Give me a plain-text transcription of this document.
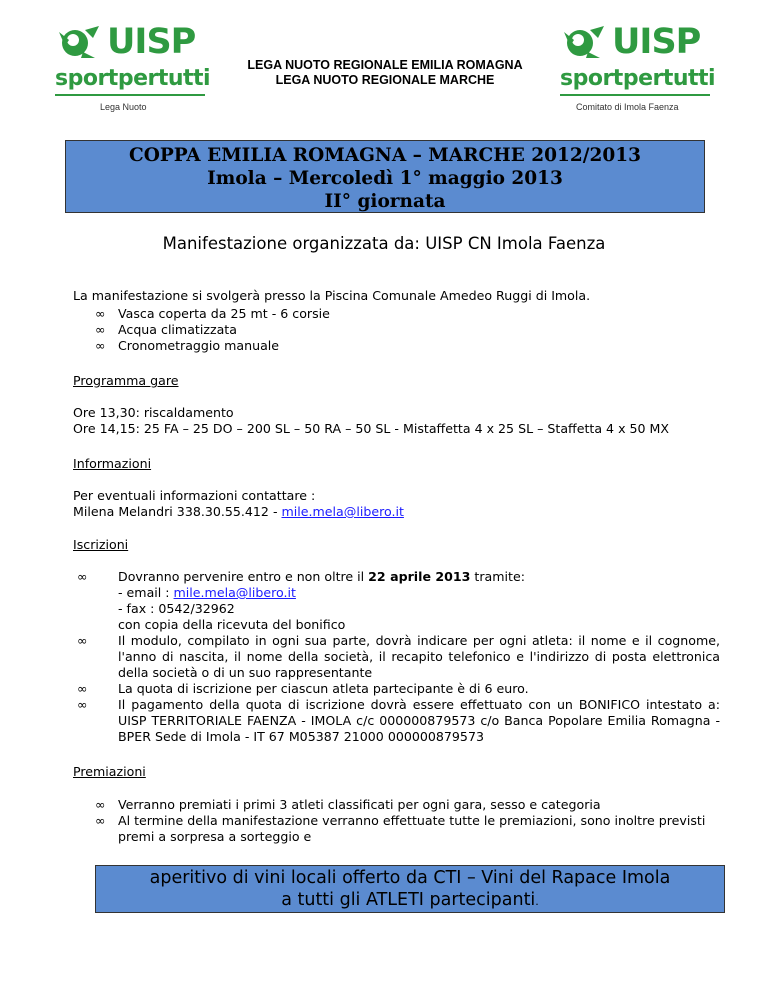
UISP
sportpertutti
Lega Nuoto
UISP
sportpertutti
Comitato di Imola Faenza
LEGA NUOTO REGIONALE EMILIA ROMAGNA
LEGA NUOTO REGIONALE MARCHE
COPPA EMILIA ROMAGNA – MARCHE 2012/2013
Imola – Mercoledì 1° maggio 2013
II° giornata
Manifestazione organizzata da: UISP CN Imola Faenza
La manifestazione si svolgerà presso la Piscina Comunale Amedeo Ruggi di Imola.
∞ Vasca coperta da 25 mt - 6 corsie
∞ Acqua climatizzata
∞ Cronometraggio manuale
Programma gare
Ore 13,30: riscaldamento
Ore 14,15: 25 FA – 25 DO – 200 SL – 50 RA – 50 SL - Mistaffetta 4 x 25 SL – Staffetta 4 x 50 MX
Informazioni
Per eventuali informazioni contattare :
Milena Melandri 338.30.55.412 - mile.mela@libero.it
Iscrizioni
∞ Dovranno pervenire entro e non oltre il 22 aprile 2013 tramite:
- email : mile.mela@libero.it
- fax : 0542/32962
con copia della ricevuta del bonifico
∞ Il modulo, compilato in ogni sua parte, dovrà indicare per ogni atleta: il nome e il cognome, l'anno di nascita, il nome della società, il recapito telefonico e l'indirizzo di posta elettronica della società o di un suo rappresentante
∞ La quota di iscrizione per ciascun atleta partecipante è di 6 euro.
∞ Il pagamento della quota di iscrizione dovrà essere effettuato con un BONIFICO intestato a: UISP TERRITORIALE FAENZA - IMOLA c/c 000000879573 c/o Banca Popolare Emilia Romagna - BPER Sede di Imola - IT 67 M05387 21000 000000879573
Premiazioni
∞ Verranno premiati i primi 3 atleti classificati per ogni gara, sesso e categoria
∞ Al termine della manifestazione verranno effettuate tutte le premiazioni, sono inoltre previsti premi a sorpresa a sorteggio e
aperitivo di vini locali offerto da CTI – Vini del Rapace Imola
a tutti gli ATLETI partecipanti.
